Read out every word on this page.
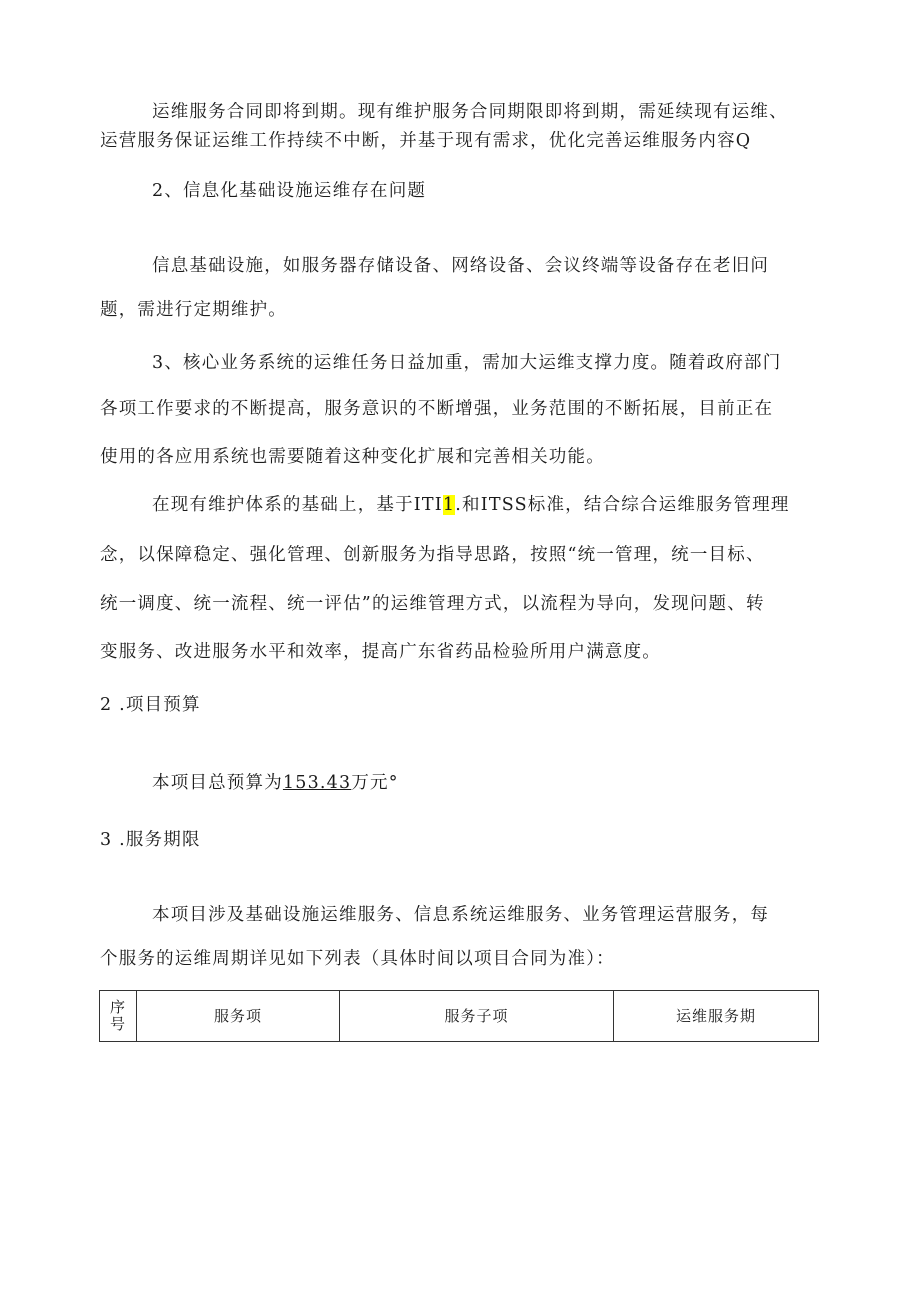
运维服务合同即将到期。现有维护服务合同期限即将到期，需延续现有运维、
运营服务保证运维工作持续不中断，并基于现有需求，优化完善运维服务内容Q
2、信息化基础设施运维存在问题
信息基础设施，如服务器存储设备、网络设备、会议终端等设备存在老旧问
题，需进行定期维护。
3、核心业务系统的运维任务日益加重，需加大运维支撑力度。随着政府部门
各项工作要求的不断提高，服务意识的不断增强，业务范围的不断拓展，目前正在
使用的各应用系统也需要随着这种变化扩展和完善相关功能。
在现有维护体系的基础上，基于ITI1.和ITSS标准，结合综合运维服务管理理
念，以保障稳定、强化管理、创新服务为指导思路，按照“统一管理，统一目标、
统一调度、统一流程、统一评估”的运维管理方式，以流程为导向，发现问题、转
变服务、改进服务水平和效率，提高广东省药品检验所用户满意度。
2 .项目预算
本项目总预算为153.43万元°
3 .服务期限
本项目涉及基础设施运维服务、信息系统运维服务、业务管理运营服务，每
个服务的运维周期详见如下列表（具体时间以项目合同为准）：
序
号	服务项	服务子项	运维服务期
